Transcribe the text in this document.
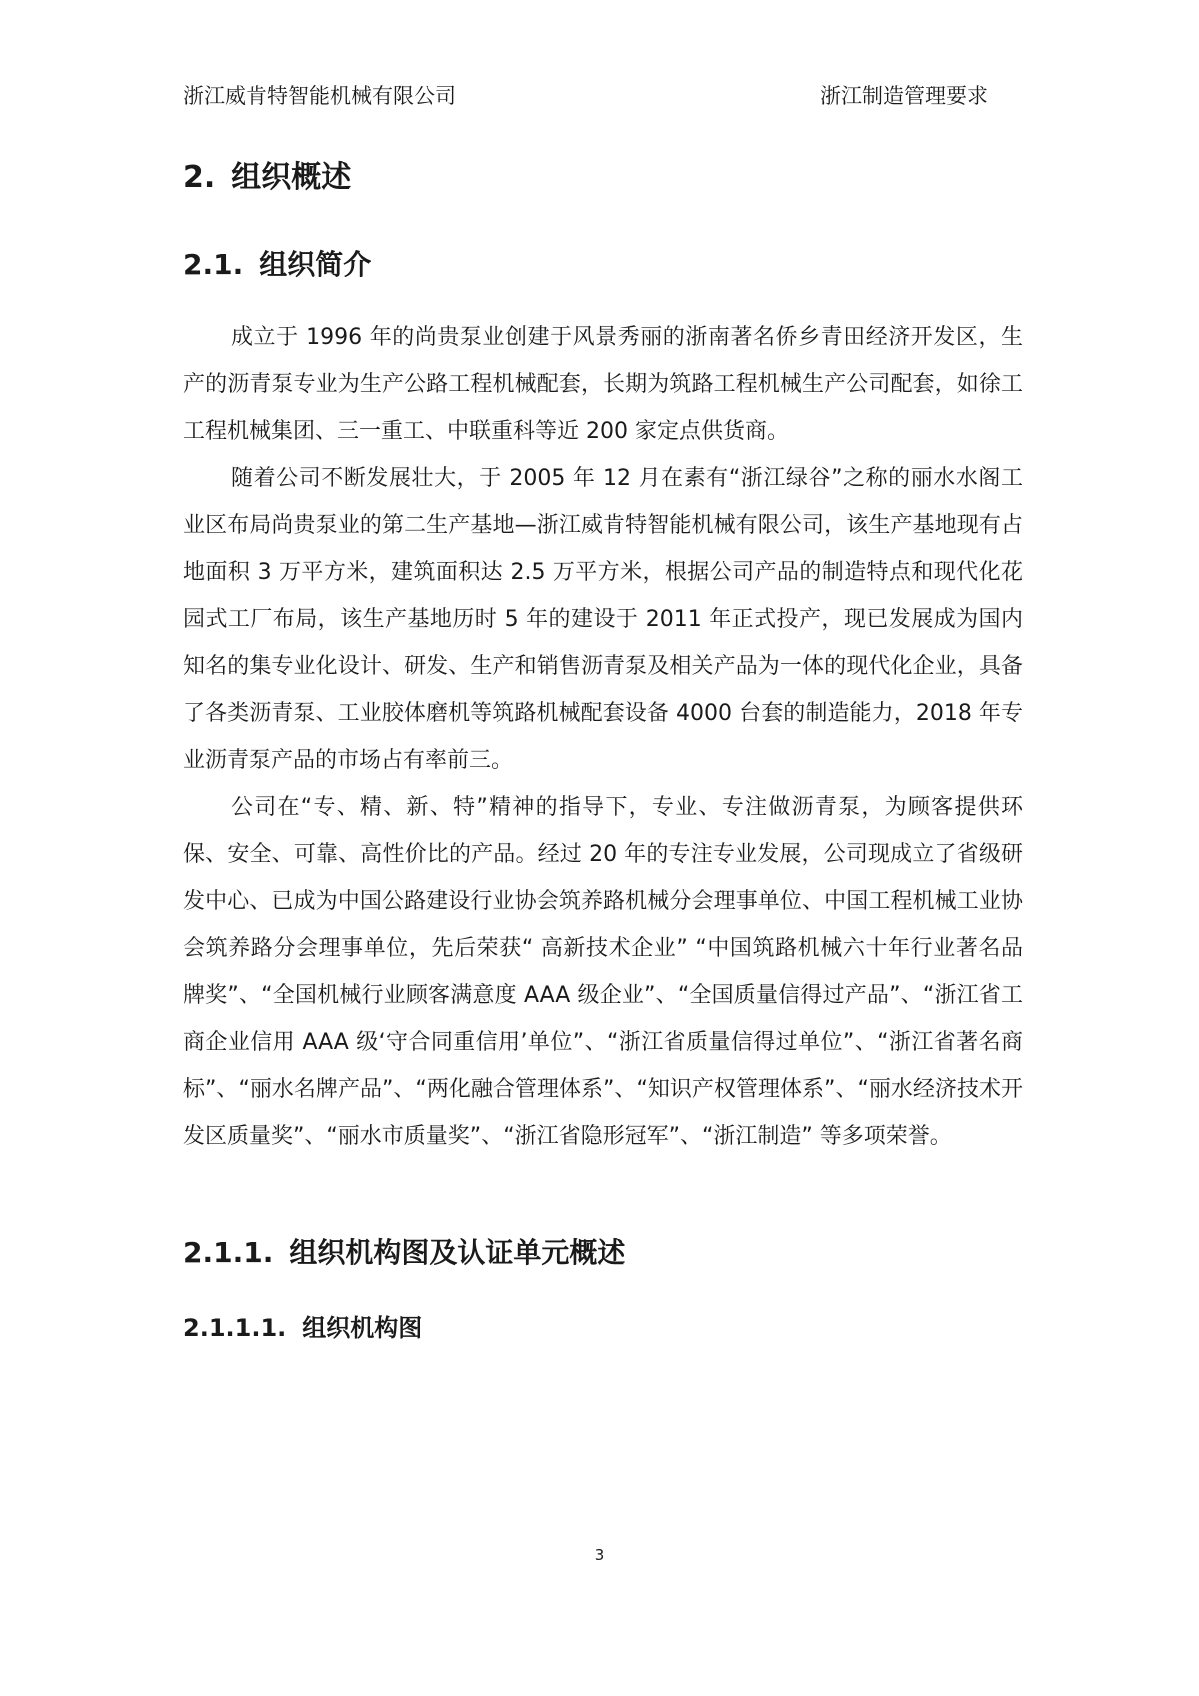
浙江威肯特智能机械有限公司	浙江制造管理要求
2. 组织概述
2.1. 组织简介

成立于 1996 年的尚贵泵业创建于风景秀丽的浙南著名侨乡青田经济开发区，生产的沥青泵专业为生产公路工程机械配套，长期为筑路工程机械生产公司配套，如徐工工程机械集团、三一重工、中联重科等近 200 家定点供货商。

随着公司不断发展壮大，于 2005 年 12 月在素有“浙江绿谷”之称的丽水水阁工业区布局尚贵泵业的第二生产基地—浙江威肯特智能机械有限公司，该生产基地现有占地面积 3 万平方米，建筑面积达 2.5 万平方米，根据公司产品的制造特点和现代化花园式工厂布局，该生产基地历时 5 年的建设于 2011 年正式投产，现已发展成为国内知名的集专业化设计、研发、生产和销售沥青泵及相关产品为一体的现代化企业，具备了各类沥青泵、工业胶体磨机等筑路机械配套设备 4000 台套的制造能力，2018 年专业沥青泵产品的市场占有率前三。

公司在“专、精、新、特”精神的指导下，专业、专注做沥青泵，为顾客提供环保、安全、可靠、高性价比的产品。经过 20 年的专注专业发展，公司现成立了省级研发中心、已成为中国公路建设行业协会筑养路机械分会理事单位、中国工程机械工业协会筑养路分会理事单位，先后荣获“ 高新技术企业” “中国筑路机械六十年行业著名品牌奖”、“全国机械行业顾客满意度 AAA 级企业”、“全国质量信得过产品”、“浙江省工商企业信用 AAA 级‘守合同重信用’单位”、“浙江省质量信得过单位”、“浙江省著名商标”、“丽水名牌产品”、“两化融合管理体系”、“知识产权管理体系”、“丽水经济技术开发区质量奖”、“丽水市质量奖”、“浙江省隐形冠军”、“浙江制造” 等多项荣誉。

2.1.1. 组织机构图及认证单元概述
2.1.1.1. 组织机构图
3
